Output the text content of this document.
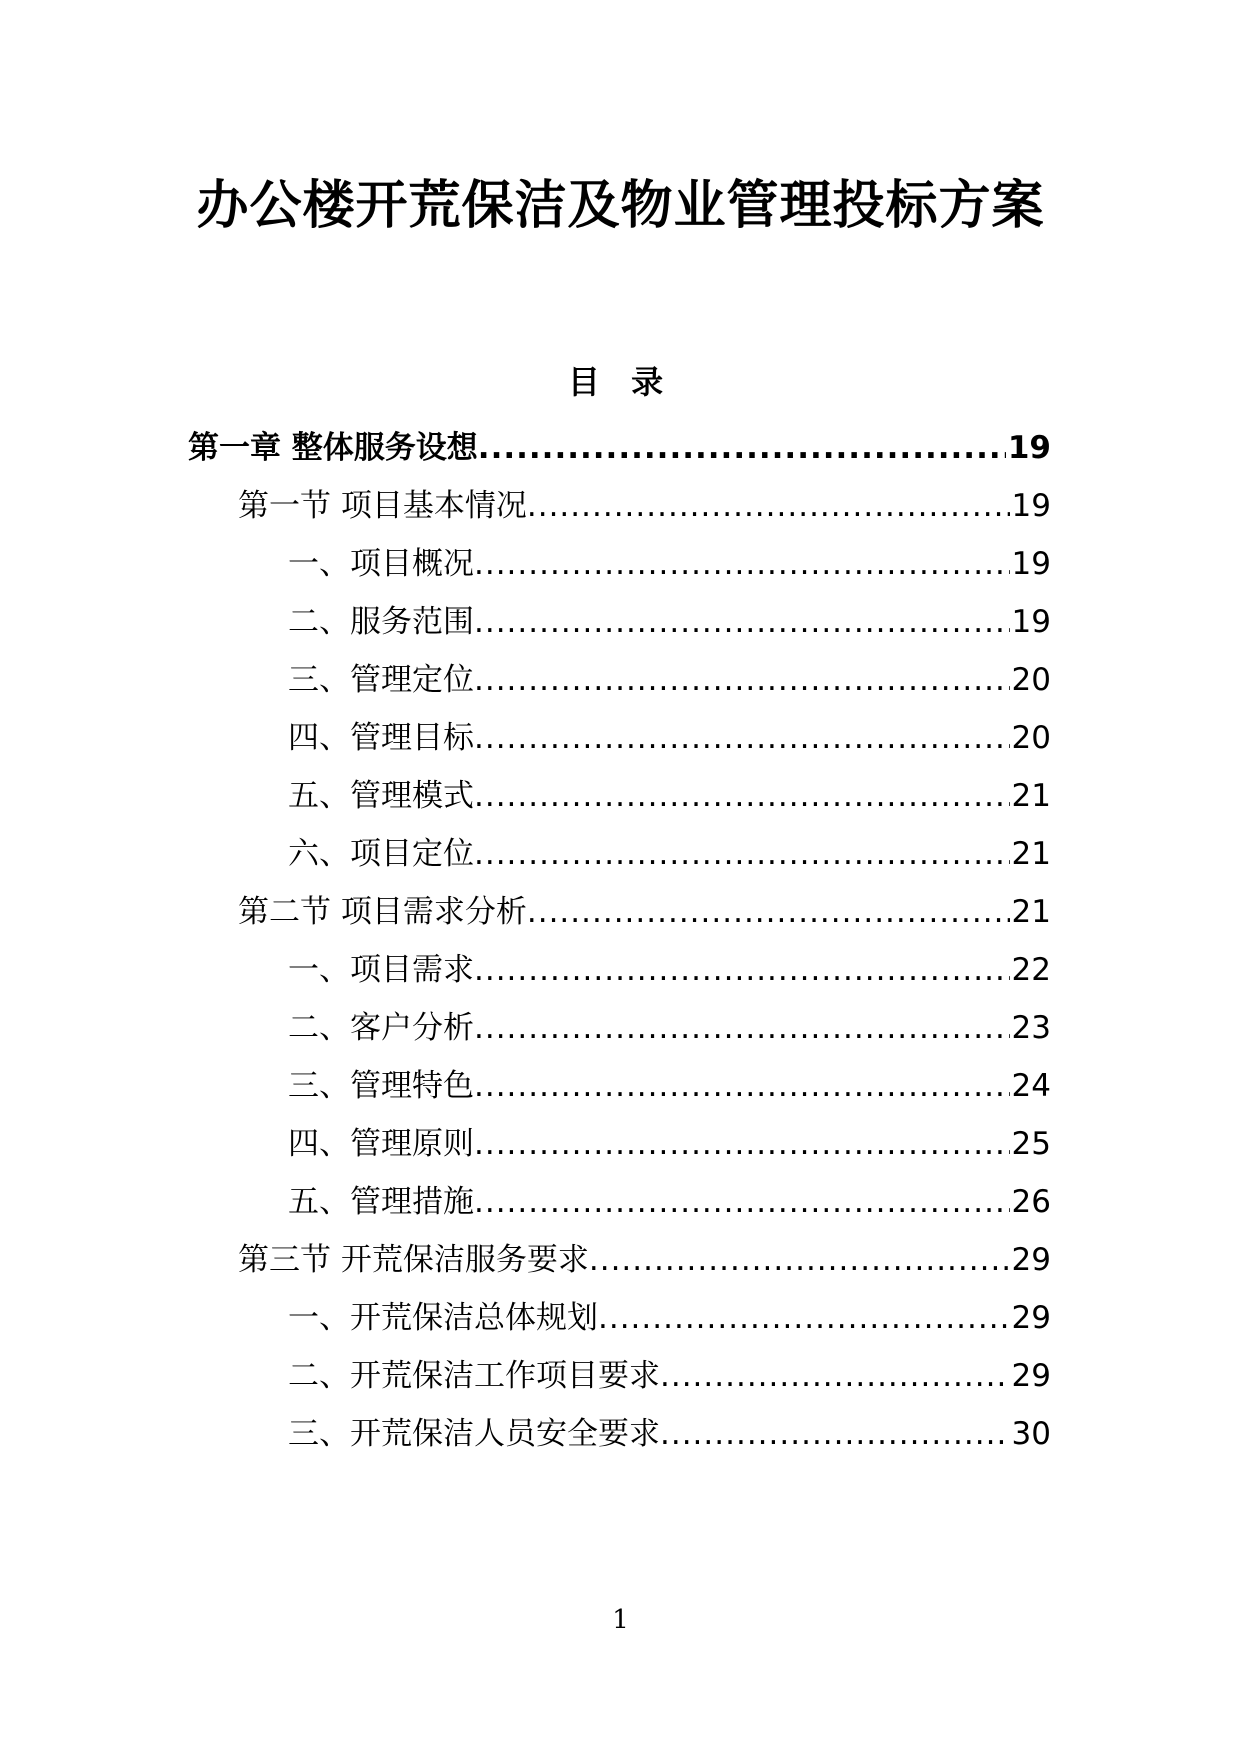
办公楼开荒保洁及物业管理投标方案
目 录
第一章 整体服务设想 .....	19
第一节 项目基本情况 .....	19
一、项目概况 .....	19
二、服务范围 .....	19
三、管理定位 .....	20
四、管理目标 .....	20
五、管理模式 .....	21
六、项目定位 .....	21
第二节 项目需求分析 .....	21
一、项目需求 .....	22
二、客户分析 .....	23
三、管理特色 .....	24
四、管理原则 .....	25
五、管理措施 .....	26
第三节 开荒保洁服务要求 .....	29
一、开荒保洁总体规划 .....	29
二、开荒保洁工作项目要求 .....	29
三、开荒保洁人员安全要求 .....	30
1
